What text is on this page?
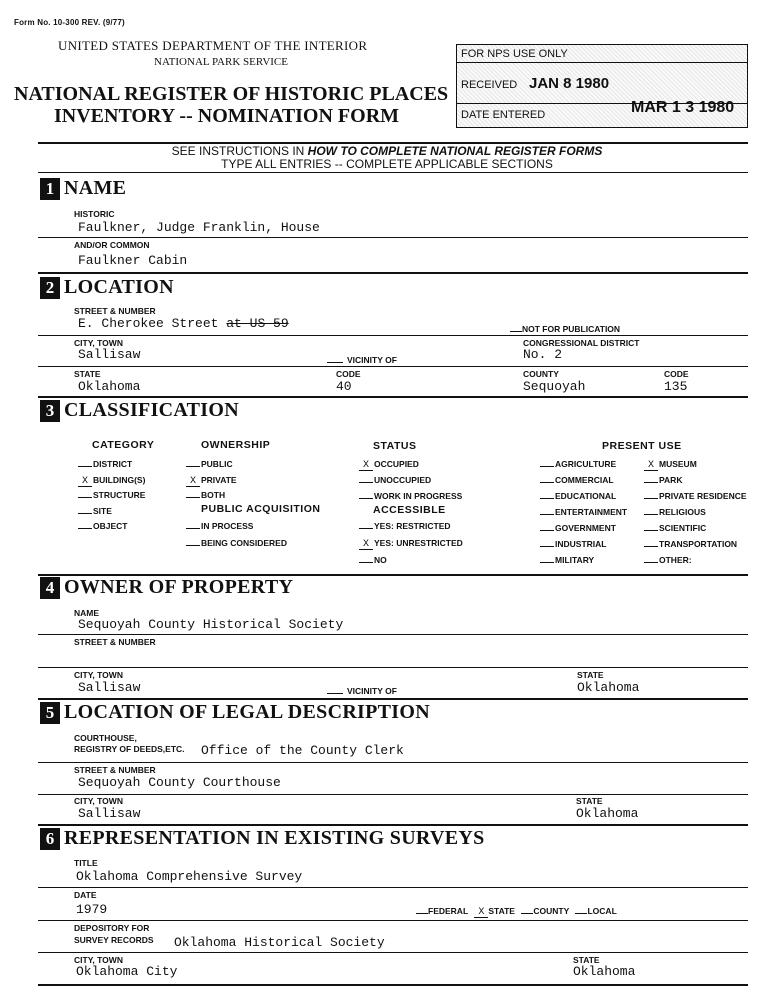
Form No. 10-300 REV. (9/77)
UNITED STATES DEPARTMENT OF THE INTERIOR
NATIONAL PARK SERVICE
NATIONAL REGISTER OF HISTORIC PLACES
INVENTORY -- NOMINATION FORM
FOR NPS USE ONLY
RECEIVED JAN 8 1980
DATE ENTERED	MAR 1 3 1980
SEE INSTRUCTIONS IN HOW TO COMPLETE NATIONAL REGISTER FORMS
TYPE ALL ENTRIES -- COMPLETE APPLICABLE SECTIONS
1 NAME
HISTORIC
Faulkner, Judge Franklin, House
AND/OR COMMON
Faulkner Cabin
2 LOCATION
STREET & NUMBER
E. Cherokee Street at US 59	NOT FOR PUBLICATION
CITY, TOWN
Sallisaw	VICINITY OF
CONGRESSIONAL DISTRICT
No. 2
STATE
Oklahoma
CODE
40
COUNTY
Sequoyah
CODE
135
3 CLASSIFICATION
CATEGORY	OWNERSHIP	STATUS	PRESENT USE
PUBLIC ACQUISITION	ACCESSIBLE
DISTRICT
X BUILDING(S)
STRUCTURE
SITE
OBJECT
PUBLIC
X PRIVATE
BOTH
IN PROCESS
BEING CONSIDERED
X OCCUPIED
UNOCCUPIED
WORK IN PROGRESS
YES: RESTRICTED
X YES: UNRESTRICTED
NO
AGRICULTURE
COMMERCIAL
EDUCATIONAL
ENTERTAINMENT
GOVERNMENT
INDUSTRIAL
MILITARY
X MUSEUM
PARK
PRIVATE RESIDENCE
RELIGIOUS
SCIENTIFIC
TRANSPORTATION
OTHER:
4 OWNER OF PROPERTY
NAME
Sequoyah County Historical Society
STREET & NUMBER
CITY, TOWN
Sallisaw	VICINITY OF
STATE
Oklahoma
5 LOCATION OF LEGAL DESCRIPTION
COURTHOUSE,
REGISTRY OF DEEDS,ETC. Office of the County Clerk
STREET & NUMBER
Sequoyah County Courthouse
CITY, TOWN
Sallisaw
STATE
Oklahoma
6 REPRESENTATION IN EXISTING SURVEYS
TITLE
Oklahoma Comprehensive Survey
DATE
1979	FEDERAL X STATE COUNTY LOCAL
DEPOSITORY FOR
SURVEY RECORDS Oklahoma Historical Society
CITY, TOWN
Oklahoma City
STATE
Oklahoma
